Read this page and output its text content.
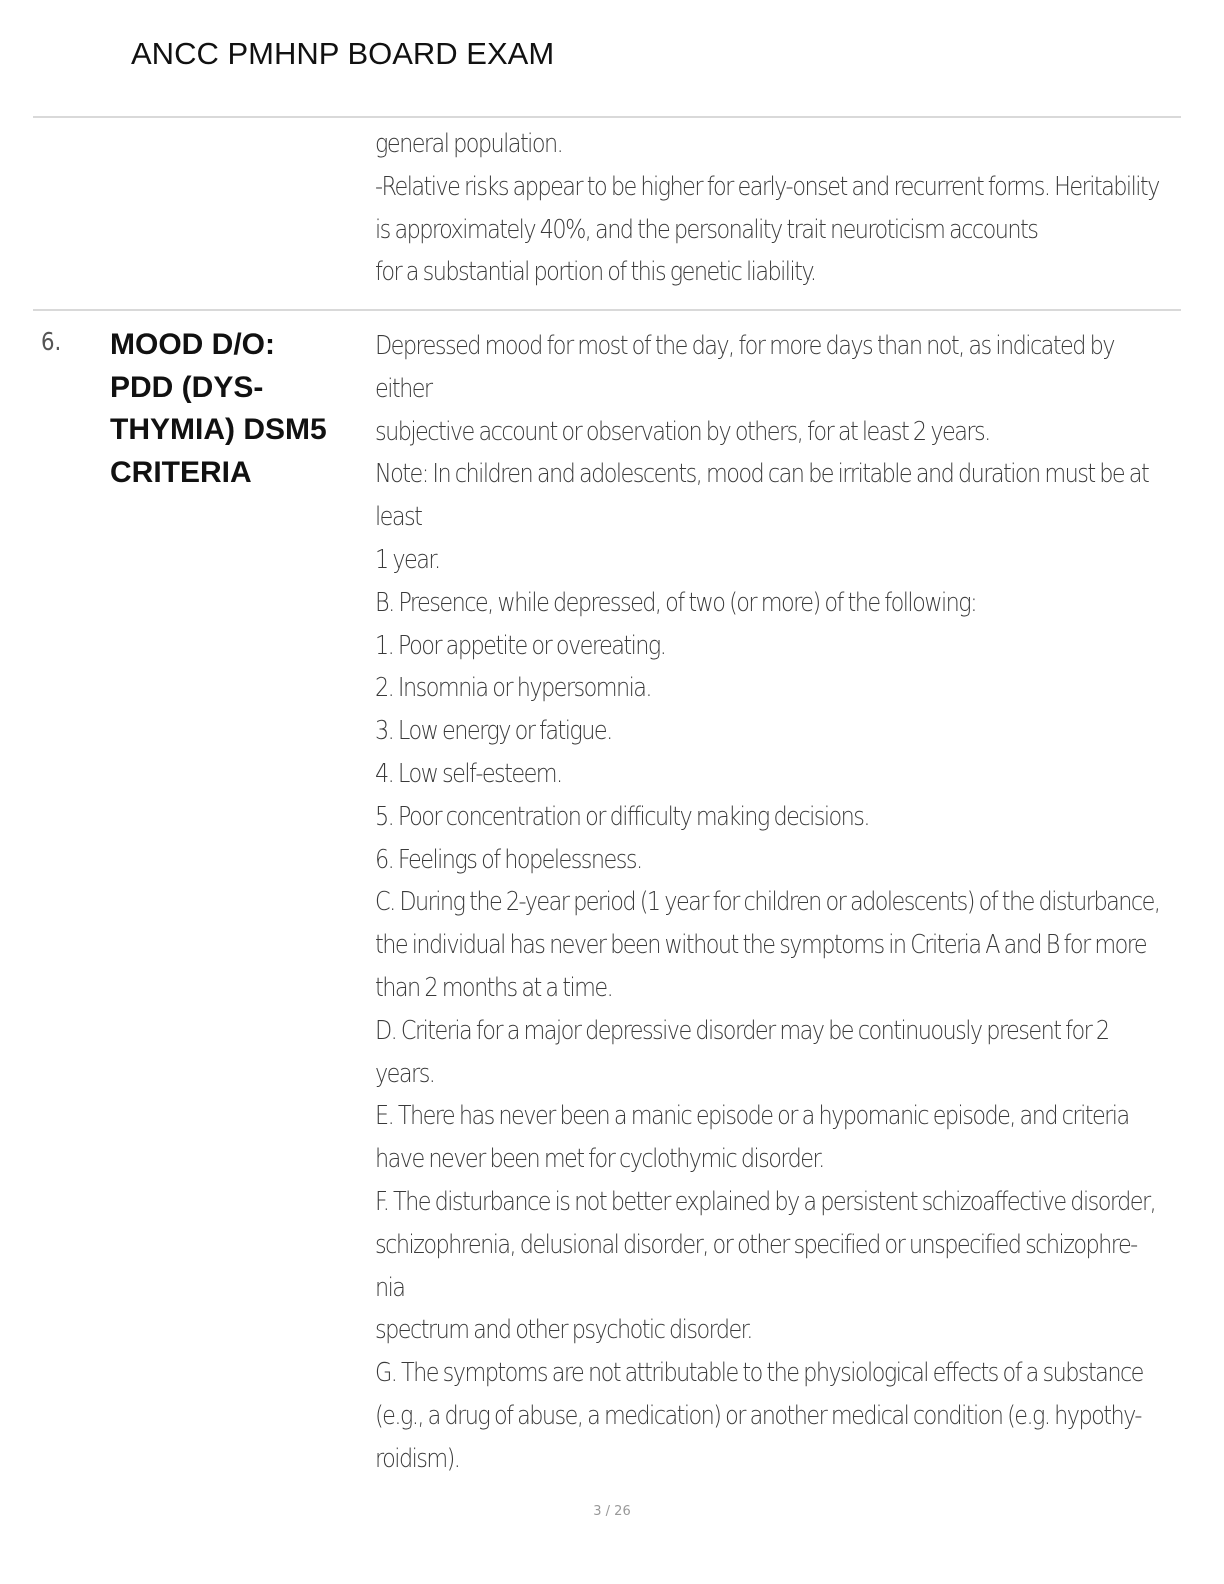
ANCC PMHNP BOARD EXAM
general population.
-Relative risks appear to be higher for early-onset and recurrent forms. Heritability
is approximately 40%, and the personality trait neuroticism accounts
for a substantial portion of this genetic liability.
6. MOOD D/O:
PDD (DYS-
THYMIA) DSM5
CRITERIA
Depressed mood for most of the day, for more days than not, as indicated by
either
subjective account or observation by others, for at least 2 years.
Note: In children and adolescents, mood can be irritable and duration must be at
least
1 year.
B. Presence, while depressed, of two (or more) of the following:
1. Poor appetite or overeating.
2. Insomnia or hypersomnia.
3. Low energy or fatigue.
4. Low self-esteem.
5. Poor concentration or difficulty making decisions.
6. Feelings of hopelessness.
C. During the 2-year period (1 year for children or adolescents) of the disturbance,
the individual has never been without the symptoms in Criteria A and B for more
than 2 months at a time.
D. Criteria for a major depressive disorder may be continuously present for 2
years.
E. There has never been a manic episode or a hypomanic episode, and criteria
have never been met for cyclothymic disorder.
F. The disturbance is not better explained by a persistent schizoaffective disorder,
schizophrenia, delusional disorder, or other specified or unspecified schizophre-
nia
spectrum and other psychotic disorder.
G. The symptoms are not attributable to the physiological effects of a substance
(e.g., a drug of abuse, a medication) or another medical condition (e.g. hypothy-
roidism).
3 / 26
